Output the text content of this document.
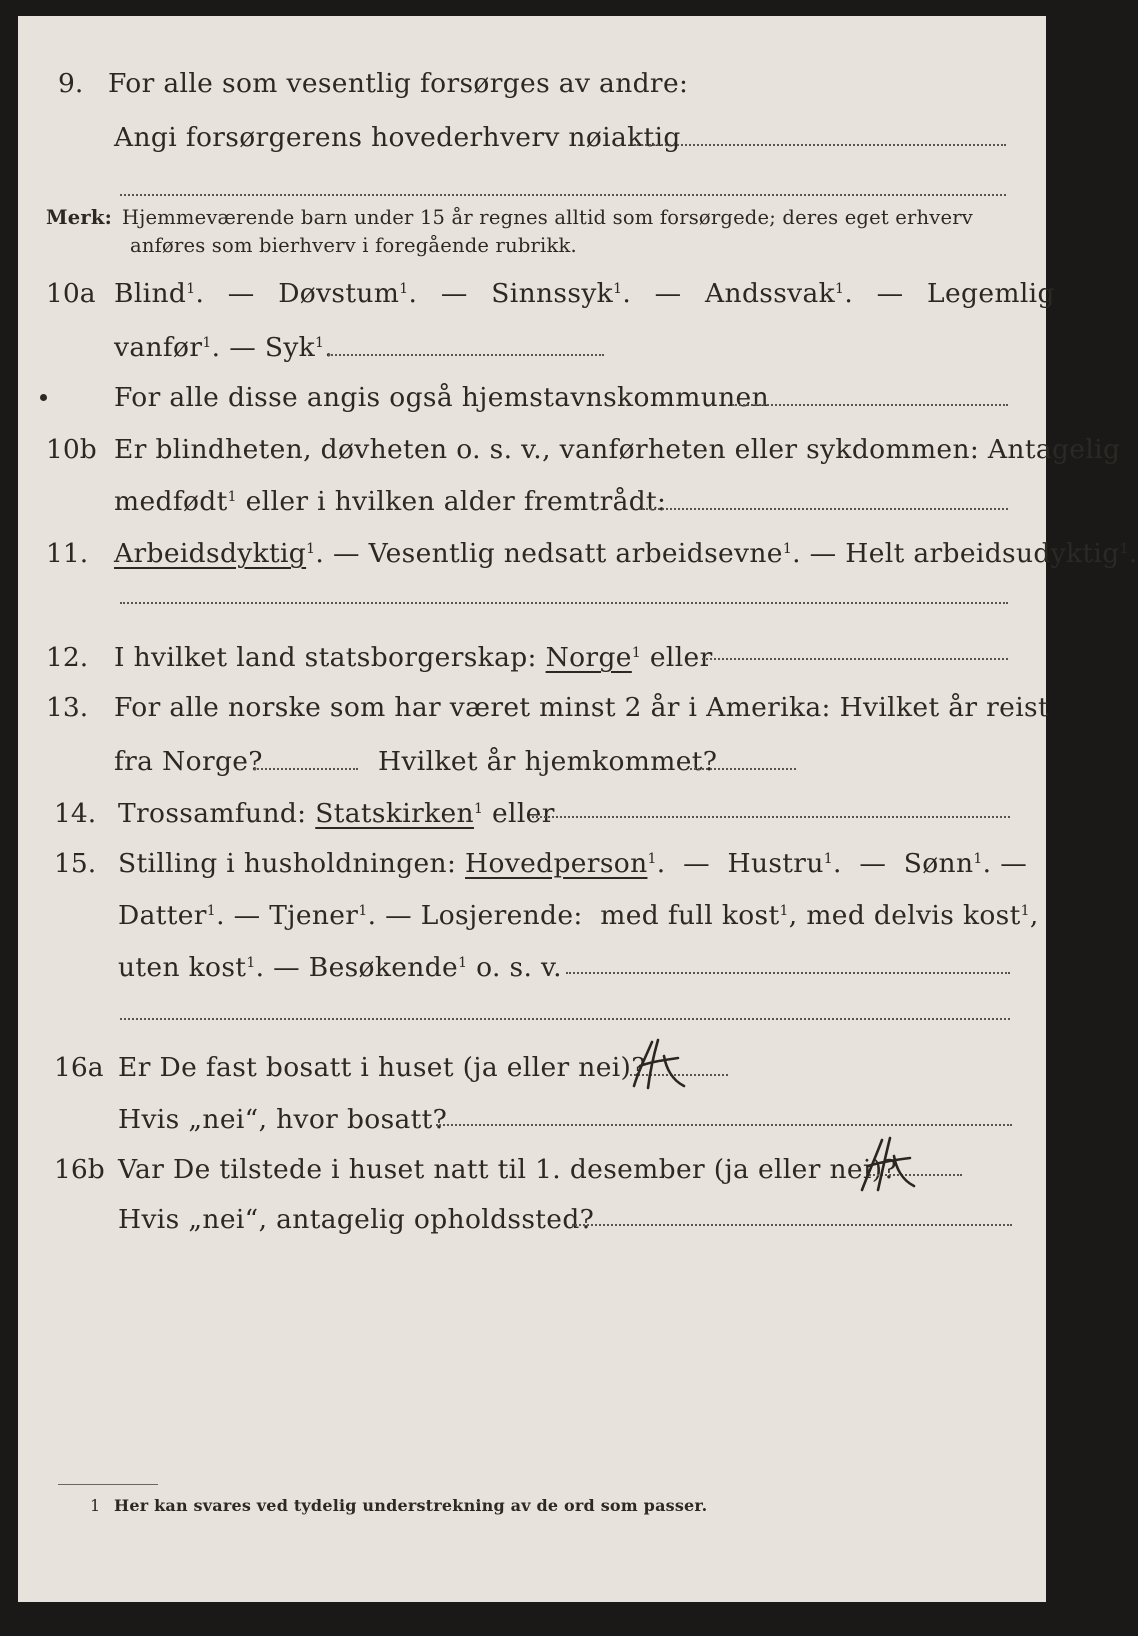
9. For alle som vesentlig forsørges av andre:
Angi forsørgerens hovederhverv nøiaktig
Merk: Hjemmeværende barn under 15 år regnes alltid som forsørgede; deres eget erhverv
anføres som bierhverv i foregående rubrikk.
10a Blind$^1$.  —  Døvstum$^1$.  —  Sinnssyk$^1$.  —  Andssvak$^1$.  —  Legemlig
vanfør$^1$. — Syk$^1$.
For alle disse angis også hjemstavnskommunen
10b Er blindheten, døvheten o. s. v., vanførheten eller sykdommen: Antagelig
medfødt$^1$ eller i hvilken alder fremtrådt:
11. Arbeidsdyktig$^1$. — Vesentlig nedsatt arbeidsevne$^1$. — Helt arbeidsudyktig$^1$.
12. I hvilket land statsborgerskap: Norge$^1$ eller
13. For alle norske som har været minst 2 år i Amerika: Hvilket år reist
fra Norge?	Hvilket år hjemkommet?
14. Trossamfund: Statskirken$^1$ eller
15. Stilling i husholdningen: Hovedperson$^1$.  —  Hustru$^1$.  —  Sønn$^1$. —
Datter$^1$. — Tjener$^1$. — Losjerende: med full kost$^1$, med delvis kost$^1$,
uten kost$^1$. — Besøkende$^1$ o. s. v.
16a Er De fast bosatt i huset (ja eller nei)?
Hvis „nei“, hvor bosatt?
16b Var De tilstede i huset natt til 1. desember (ja eller nei)?
Hvis „nei“, antagelig opholdssted?
1 Her kan svares ved tydelig understrekning av de ord som passer.
